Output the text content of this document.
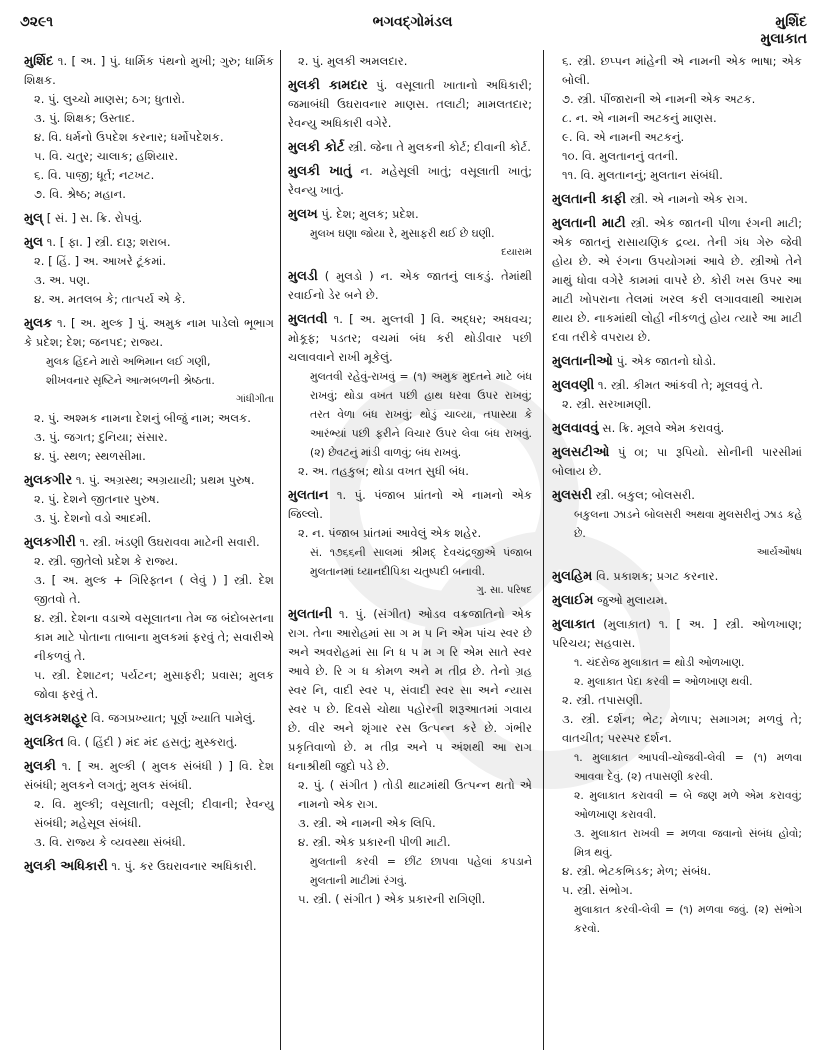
૭૨૯૧	ભગવદ્ગોમંડલ	મુર્શિદ
મુલાકાત
મુર્શિદ ૧. [ અ. ] પું. ધાર્મિક પંથનો મુખી; ગુરુ; ધાર્મિક શિક્ષક.
૨. પું. લુચ્ચો માણસ; ઠગ; ધુતારો.
૩. પું. શિક્ષક; ઉસ્તાદ.
૪. વિ. ધર્મનો ઉપદેશ કરનાર; ધર્મોપદેશક.
૫. વિ. ચતુર; ચાલાક; હશિયાર.
૬. વિ. પાજી; ધૂર્ત; નટખટ.
૭. વિ. શ્રેષ્ઠ; મહાન.
મુલ્ [ સં. ] સ. ક્રિ. રોપવું.
મુલ ૧. [ ફા. ] સ્ત્રી. દારૂ; શરાબ.
૨. [ હિં. ] અ. આખરે ટૂંકમાં.
૩. અ. પણ.
૪. અ. મતલબ કે; તાત્પર્ય એ કે.
મુલક ૧. [ અ. મુલ્ક ] પું. અમુક નામ પાડેલો ભૂભાગ કે પ્રદેશ; દેશ; જનપદ; રાજ્ય.
મુલક હિંદને મારો અભિમાન લઈ ગણી,
શીખવનાર સૃષ્ટિને આત્મબળની શ્રેષ્ઠતા.
ગાંધીગીતા
૨. પું. અશ્મક નામના દેશનું બીજું નામ; અલક.
૩. પું. જગત; દુનિયા; સંસાર.
૪. પું. સ્થળ; સ્થળસીમા.
મુલકગીર ૧. પું. અગ્રસ્થ; અગ્રયાયી; પ્રથમ પુરુષ.
૨. પું. દેશને જીતનાર પુરુષ.
૩. પું. દેશનો વડો આદમી.
મુલકગીરી ૧. સ્ત્રી. ખંડણી ઉઘરાવવા માટેની સવારી.
૨. સ્ત્રી. જીતેલો પ્રદેશ કે રાજ્ય.
૩. [ અ. મુલ્ક + ગિરિફ્તન ( લેવું ) ] સ્ત્રી. દેશ જીતવો તે.
૪. સ્ત્રી. દેશના વડાએ વસૂલાતના તેમ જ બંદોબસ્તના કામ માટે પોતાના તાબાના મુલકમાં ફરવું તે; સવારીએ નીકળવું તે.
૫. સ્ત્રી. દેશાટન; પર્યટન; મુસાફરી; પ્રવાસ; મુલક જોવા ફરવું તે.
મુલકમશહૂર વિ. જગપ્રખ્યાત; પૂર્ણ ખ્યાતિ પામેલું.
મુલકિત વિ. ( હિંદી ) મંદ મંદ હસતું; મુસ્કરાતું.
મુલકી ૧. [ અ. મુલ્કી ( મુલક સંબંધી ) ] વિ. દેશ સંબંધી; મુલકને લગતું; મુલક સંબંધી.
૨. વિ. મુલ્કી; વસૂલાતી; વસૂલી; દીવાની; રેવન્યુ સંબંધી; મહેસૂલ સંબંધી.
૩. વિ. રાજ્ય કે વ્યવસ્થા સંબંધી.
મુલકી અધિકારી ૧. પું. કર ઉઘરાવનાર અધિકારી.
૨. પું. મુલકી અમલદાર.
મુલકી કામદાર પું. વસૂલાતી ખાતાનો અધિકારી; જમાબંધી ઉઘરાવનાર માણસ. તલાટી; મામલતદાર; રેવન્યુ અધિકારી વગેરે.
મુલકી કોર્ટ સ્ત્રી. જેના તે મુલકની કોર્ટ; દીવાની કોર્ટ.
મુલકી ખાતું ન. મહેસૂલી ખાતું; વસૂલાતી ખાતું; રેવન્યુ ખાતું.
મુલખ પું. દેશ; મુલક; પ્રદેશ.
મુલખ ઘણા જોયા રે, મુસાફરી થઈ છે ઘણી.
દયારામ
મુલડી ( મુલડો ) ન. એક જાતનું લાકડું. તેમાંથી રવાઈનો ડેર બને છે.
મુલતવી ૧. [ અ. મુલ્તવી ] વિ. અદ્ધર; અધવચ; મોકૂફ; પડતર; વચમાં બંધ કરી થોડીવાર પછી ચલાવવાને રાખી મૂકેલું.
મુલતવી રહેવું-રાખવું = (૧) અમુક મુદતને માટે બંધ રાખવું; થોડા વખત પછી હાથ ધરવા ઉપર રાખવું; તરત વેળા બંધ રાખવું; થોડું ચાલ્યા, તપાસ્યા કે આરંભ્યાં પછી ફરીને વિચાર ઉપર લેવા બંધ રાખવું. (૨) છેવટનું માંડી વાળવું; બંધ રાખવું.
૨. અ. તહકુબ; થોડા વખત સુધી બંધ.
મુલતાન ૧. પું. પંજાબ પ્રાંતનો એ નામનો એક જિલ્લો.
૨. ન. પંજાબ પ્રાંતમાં આવેલું એક શહેર.
સં. ૧૭૬૬ની સાલમાં શ્રીમદ્ દેવચંદ્રજીએ પંજાબ મુલતાનમાં ધ્યાનદીપિકા ચતુષ્પદી બનાવી.
ગુ. સા. પરિષદ
મુલતાની ૧. પું. (સંગીત) ઓડવ વક્રજાતિનો એક રાગ. તેના આરોહમાં સા ગ મ પ નિ એમ પાંચ સ્વર છે અને અવરોહમાં સા નિ ધ પ મ ગ રિ એમ સાતે સ્વર આવે છે. રિ ગ ધ કોમળ અને મ તીવ્ર છે. તેનો ગ્રહ સ્વર નિ, વાદી સ્વર પ, સંવાદી સ્વર સા અને ન્યાસ સ્વર પ છે. દિવસે ચોથા પહોરની શરૂઆતમાં ગવાય છે. વીર અને શૃંગાર રસ ઉત્પન્ન કરે છે. ગંભીર પ્રકૃતિવાળો છે. મ તીવ્ર અને પ અંશથી આ રાગ ધનાશ્રીથી જુદો પડે છે.
૨. પું. ( સંગીત ) તોડી થાટમાંથી ઉત્પન્ન થતો એ નામનો એક રાગ.
૩. સ્ત્રી. એ નામની એક લિપિ.
૪. સ્ત્રી. એક પ્રકારની પીળી માટી.
મુલતાની કરવી = છીંટ છાપવા પહેલાં કપડાને મુલતાની માટીમાં રંગવું.
૫. સ્ત્રી. ( સંગીત ) એક પ્રકારની રાગિણી.
૬. સ્ત્રી. છપ્પન માંહેની એ નામની એક ભાષા; એક બોલી.
૭. સ્ત્રી. પીંજારાની એ નામની એક અટક.
૮. ન. એ નામની અટકનું માણસ.
૯. વિ. એ નામની અટકનું.
૧૦. વિ. મુલતાનનું વતની.
૧૧. વિ. મુલતાનનું; મુલતાન સંબંધી.
મુલતાની કાફી સ્ત્રી. એ નામનો એક રાગ.
મુલતાની માટી સ્ત્રી. એક જાતની પીળા રંગની માટી; એક જાતનું રાસાયણિક દ્રવ્ય. તેની ગંધ ગેરુ જેવી હોય છે. એ રંગના ઉપયોગમાં આવે છે. સ્ત્રીઓ તેને માથું ધોવા વગેરે કામમાં વાપરે છે. કોરી ખસ ઉપર આ માટી ખોપરાના તેલમાં ખરલ કરી લગાવવાથી આરામ થાય છે. નાકમાંથી લોહી નીકળતું હોય ત્યારે આ માટી દવા તરીકે વપરાય છે.
મુલતાનીઓ પું. એક જાતનો ઘોડો.
મુલવણી ૧. સ્ત્રી. કીમત આંકવી તે; મૂલવવું તે.
૨. સ્ત્રી. સરખામણી.
મુલવાવવું સ. ક્રિ. મૂલવે એમ કરાવવું.
મુલસટીઓ પું ૦।; પા રૂપિયો. સોનીની પારસીમાં બોલાય છે.
મુલસરી સ્ત્રી. બકુલ; બોલસરી.
બકુલના ઝાડને બોલસરી અથવા મુલસરીનું ઝાડ કહે છે.
આર્યઔષધ
મુલહિમ વિ. પ્રકાશક; પ્રગટ કરનાર.
મુલાઈમ જુઓ મુલાયમ.
મુલાકાત (મુલાક઼ાત) ૧. [ અ. ] સ્ત્રી. ઓળખાણ; પરિચય; સહવાસ.
૧. ચંદરોજ મુલાકાત = થોડી ઓળખાણ.
૨. મુલાકાત પેદા કરવી = ઓળખાણ થવી.
૨. સ્ત્રી. તપાસણી.
૩. સ્ત્રી. દર્શન; ભેટ; મેળાપ; સમાગમ; મળવું તે; વાતચીત; પરસ્પર દર્શન.
૧. મુલાકાત આપવી-ચોજવી-લેવી = (૧) મળવા આવવા દેવું. (૨) તપાસણી કરવી.
૨. મુલાકાત કરાવવી = બે જણ મળે એમ કરાવવું; ઓળખાણ કરાવવી.
૩. મુલાકાત રાખવી = મળવા જવાનો સંબંધ હોવો; મિત્ર થવું.
૪. સ્ત્રી. ભેટકભિડક; મેળ; સંબંધ.
૫. સ્ત્રી. સંભોગ.
મુલાકાત કરવી-લેવી = (૧) મળવા જવું. (૨) સંભોગ કરવો.
